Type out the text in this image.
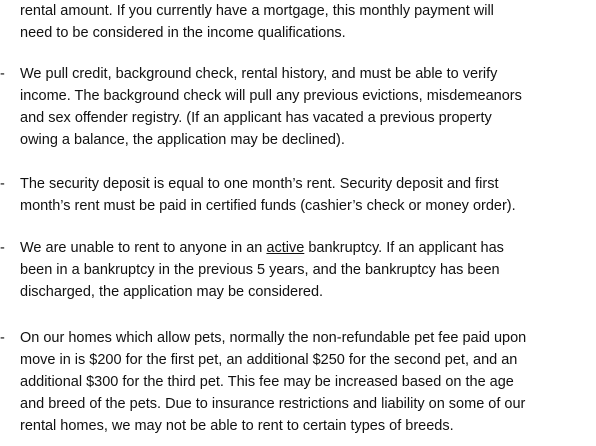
rental amount. If you currently have a mortgage, this monthly payment will
need to be considered in the income qualifications.
- We pull credit, background check, rental history, and must be able to verify
income. The background check will pull any previous evictions, misdemeanors
and sex offender registry. (If an applicant has vacated a previous property
owing a balance, the application may be declined).
- The security deposit is equal to one month’s rent. Security deposit and first
month’s rent must be paid in certified funds (cashier’s check or money order).
- We are unable to rent to anyone in an active bankruptcy. If an applicant has
been in a bankruptcy in the previous 5 years, and the bankruptcy has been
discharged, the application may be considered.
- On our homes which allow pets, normally the non-refundable pet fee paid upon
move in is $200 for the first pet, an additional $250 for the second pet, and an
additional $300 for the third pet. This fee may be increased based on the age
and breed of the pets. Due to insurance restrictions and liability on some of our
rental homes, we may not be able to rent to certain types of breeds.
